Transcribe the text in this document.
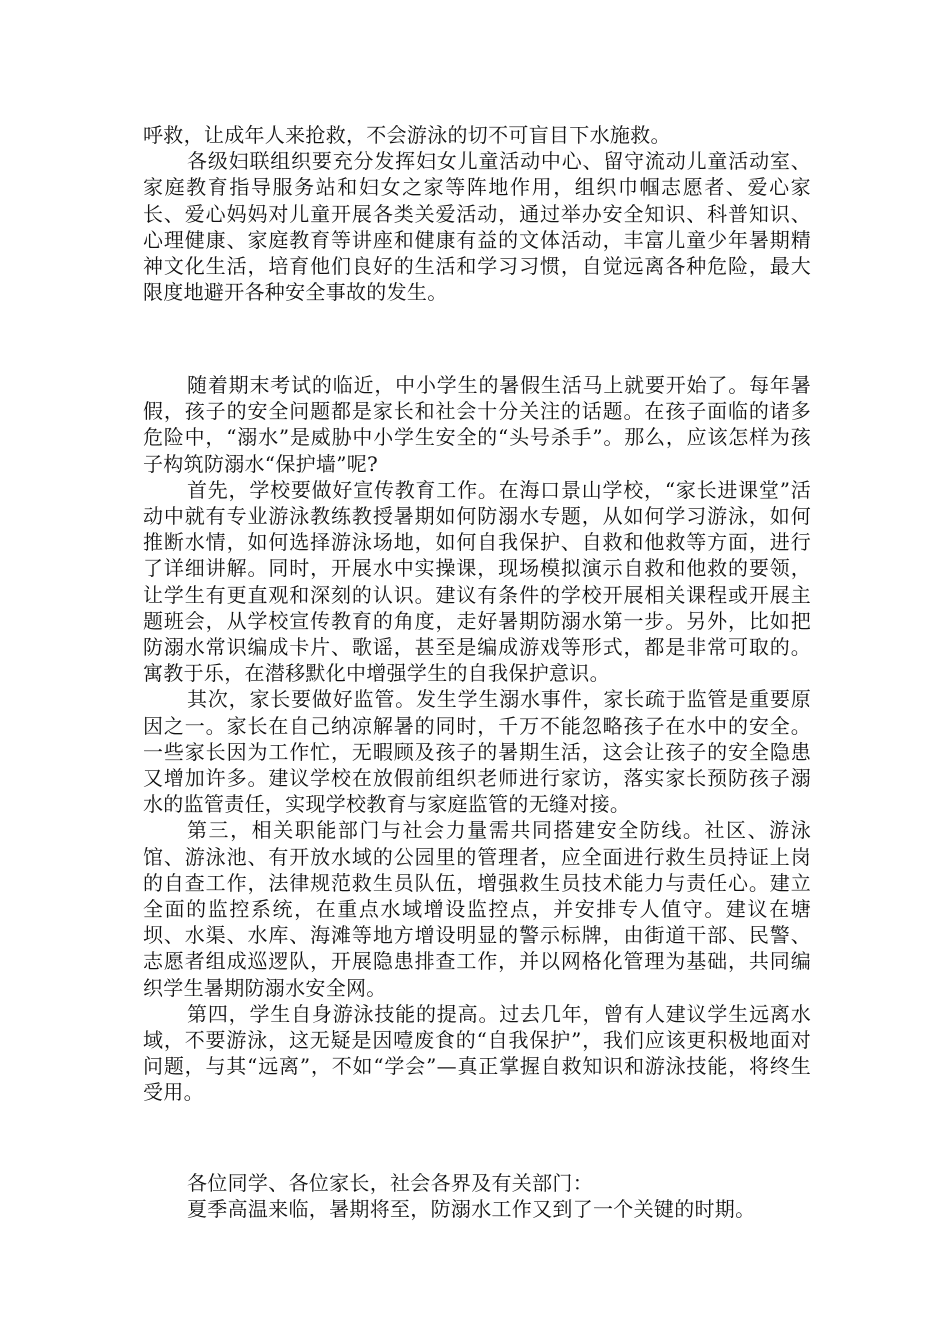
呼救，让成年人来抢救，不会游泳的切不可盲目下水施救。

各级妇联组织要充分发挥妇女儿童活动中心、留守流动儿童活动室、家庭教育指导服务站和妇女之家等阵地作用，组织巾帼志愿者、爱心家长、爱心妈妈对儿童开展各类关爱活动，通过举办安全知识、科普知识、心理健康、家庭教育等讲座和健康有益的文体活动，丰富儿童少年暑期精神文化生活，培育他们良好的生活和学习习惯，自觉远离各种危险，最大限度地避开各种安全事故的发生。

随着期末考试的临近，中小学生的暑假生活马上就要开始了。每年暑假，孩子的安全问题都是家长和社会十分关注的话题。在孩子面临的诸多危险中，“溺水”是威胁中小学生安全的“头号杀手”。那么，应该怎样为孩子构筑防溺水“保护墙”呢?

首先，学校要做好宣传教育工作。在海口景山学校，“家长进课堂”活动中就有专业游泳教练教授暑期如何防溺水专题，从如何学习游泳，如何推断水情，如何选择游泳场地，如何自我保护、自救和他救等方面，进行了详细讲解。同时，开展水中实操课，现场模拟演示自救和他救的要领，让学生有更直观和深刻的认识。建议有条件的学校开展相关课程或开展主题班会，从学校宣传教育的角度，走好暑期防溺水第一步。另外，比如把防溺水常识编成卡片、歌谣，甚至是编成游戏等形式，都是非常可取的。寓教于乐，在潜移默化中增强学生的自我保护意识。

其次，家长要做好监管。发生学生溺水事件，家长疏于监管是重要原因之一。家长在自己纳凉解暑的同时，千万不能忽略孩子在水中的安全。一些家长因为工作忙，无暇顾及孩子的暑期生活，这会让孩子的安全隐患又增加许多。建议学校在放假前组织老师进行家访，落实家长预防孩子溺水的监管责任，实现学校教育与家庭监管的无缝对接。

第三，相关职能部门与社会力量需共同搭建安全防线。社区、游泳馆、游泳池、有开放水域的公园里的管理者，应全面进行救生员持证上岗的自查工作，法律规范救生员队伍，增强救生员技术能力与责任心。建立全面的监控系统，在重点水域增设监控点，并安排专人值守。建议在塘坝、水渠、水库、海滩等地方增设明显的警示标牌，由街道干部、民警、志愿者组成巡逻队，开展隐患排查工作，并以网格化管理为基础，共同编织学生暑期防溺水安全网。

第四，学生自身游泳技能的提高。过去几年，曾有人建议学生远离水域，不要游泳，这无疑是因噎废食的“自我保护”，我们应该更积极地面对问题，与其“远离”，不如“学会”—真正掌握自救知识和游泳技能，将终生受用。

各位同学、各位家长，社会各界及有关部门：

夏季高温来临，暑期将至，防溺水工作又到了一个关键的时期。
